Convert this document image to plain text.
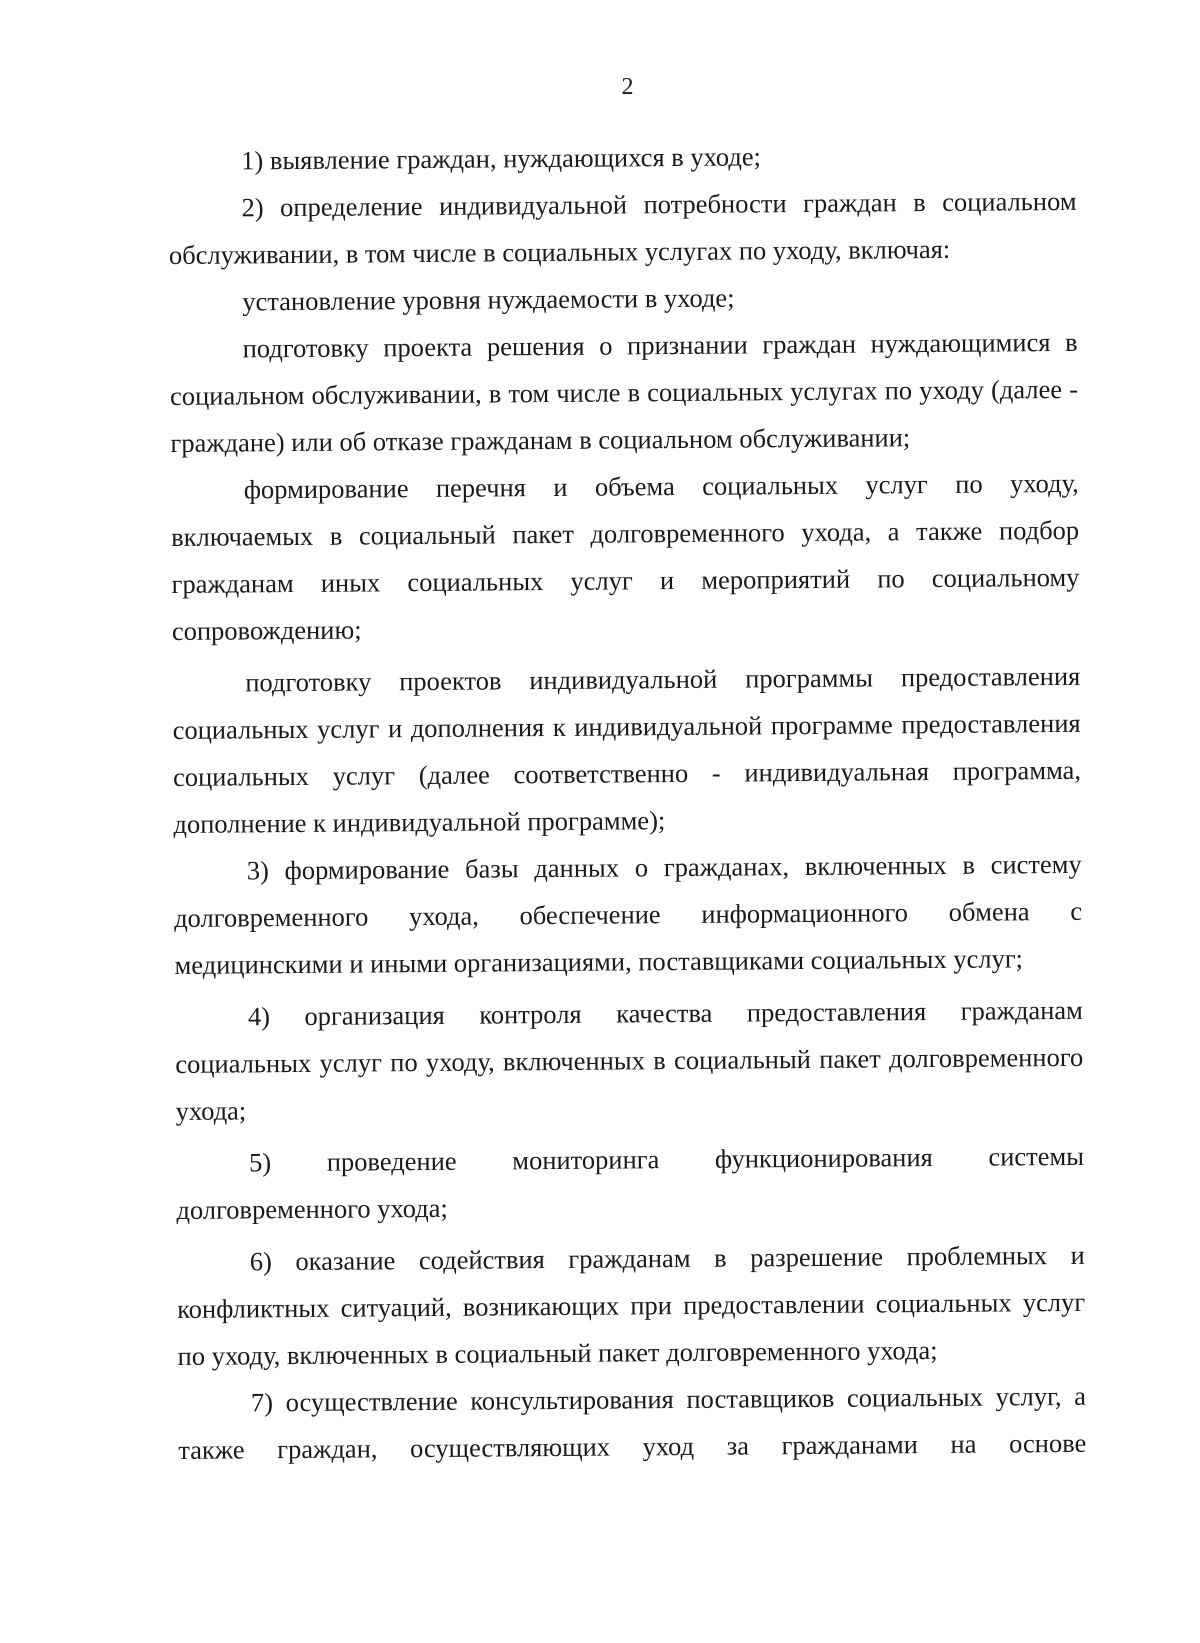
2

1) выявление граждан, нуждающихся в уходе;

2) определение индивидуальной потребности граждан в социальном обслуживании, в том числе в социальных услугах по уходу, включая:

установление уровня нуждаемости в уходе;

подготовку проекта решения о признании граждан нуждающимися в социальном обслуживании, в том числе в социальных услугах по уходу (далее - граждане) или об отказе гражданам в социальном обслуживании;

формирование перечня и объема социальных услуг по уходу, включаемых в социальный пакет долговременного ухода, а также подбор гражданам иных социальных услуг и мероприятий по социальному сопровождению;

подготовку проектов индивидуальной программы предоставления социальных услуг и дополнения к индивидуальной программе предоставления социальных услуг (далее соответственно - индивидуальная программа, дополнение к индивидуальной программе);

3) формирование базы данных о гражданах, включенных в систему долговременного ухода, обеспечение информационного обмена с медицинскими и иными организациями, поставщиками социальных услуг;

4) организация контроля качества предоставления гражданам социальных услуг по уходу, включенных в социальный пакет долговременного ухода;

5) проведение мониторинга функционирования системы долговременного ухода;

6) оказание содействия гражданам в разрешение проблемных и конфликтных ситуаций, возникающих при предоставлении социальных услуг по уходу, включенных в социальный пакет долговременного ухода;

7) осуществление консультирования поставщиков социальных услуг, а также граждан, осуществляющих уход за гражданами на основе
